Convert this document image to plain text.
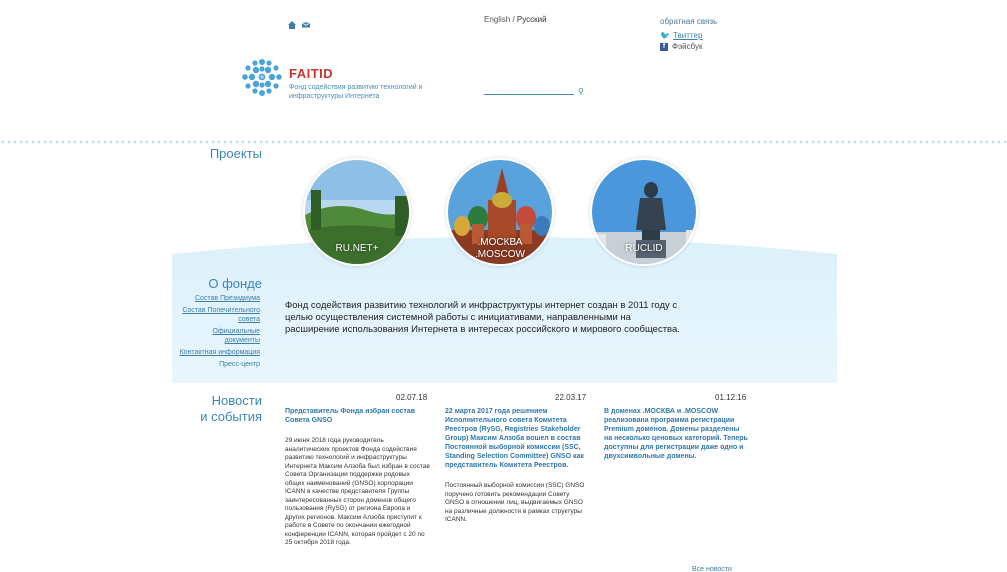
English / Русский	обратная связь
🐦 Твиттер
f Фэйсбук
FAITID
Фонд содействия развитию технологий и инфраструктуры Интернета
⚲
Проекты
RU.NET+
.МОСКВА
.MOSCOW
RUCLID
О фонде
Состав Президиума
Состав Попечительного совета
Официальные документы
Контактная информация
Пресс-центр
Фонд содействия развитию технологий и инфраструктуры интернет создан в 2011 году с целью осуществления системной работы с инициативами, направленными на расширение использования Интернета в интересах российского и мирового сообщества.
Новости
и события
02.07.18
Представитель Фонда избран состав Совета GNSO
29 июня 2018 года руководитель аналитических проектов Фонда содействия развитию технологий и инфраструктуры Интернета Максим Алзоба был избран в состав Совета Организации поддержки родовых общих наименований (GNSO) корпорации ICANN в качестве представителя Группы заинтересованных сторон доменов общего пользования (RySG) от региона Европа и других регионов. Максим Алзоба приступит к работе в Совете по окончании ежегодной конференции ICANN, которая пройдет с 20 по 25 октября 2018 года.
22.03.17
22 марта 2017 года решением Исполнительного совета Комитета Реестров (RySG, Registries Stakeholder Group) Максим Алзоба вошел в состав Постоянной выборной комиссии (SSC, Standing Selection Committee) GNSO как представитель Комитета Реестров.
Постоянный выборной комиссии (SSC) GNSO поручено готовить рекомендации Совету GNSO в отношении лиц, выдвигаемых GNSO на различные должности в рамках структуры ICANN.
01.12.16
В доменах .МОСКВА и .MOSCOW реализована программа регистрации Premium доменов. Домены разделены на несколько ценовых категорий. Теперь доступны для регистрации даже одно и двухсимвольные домены.
Все новости
